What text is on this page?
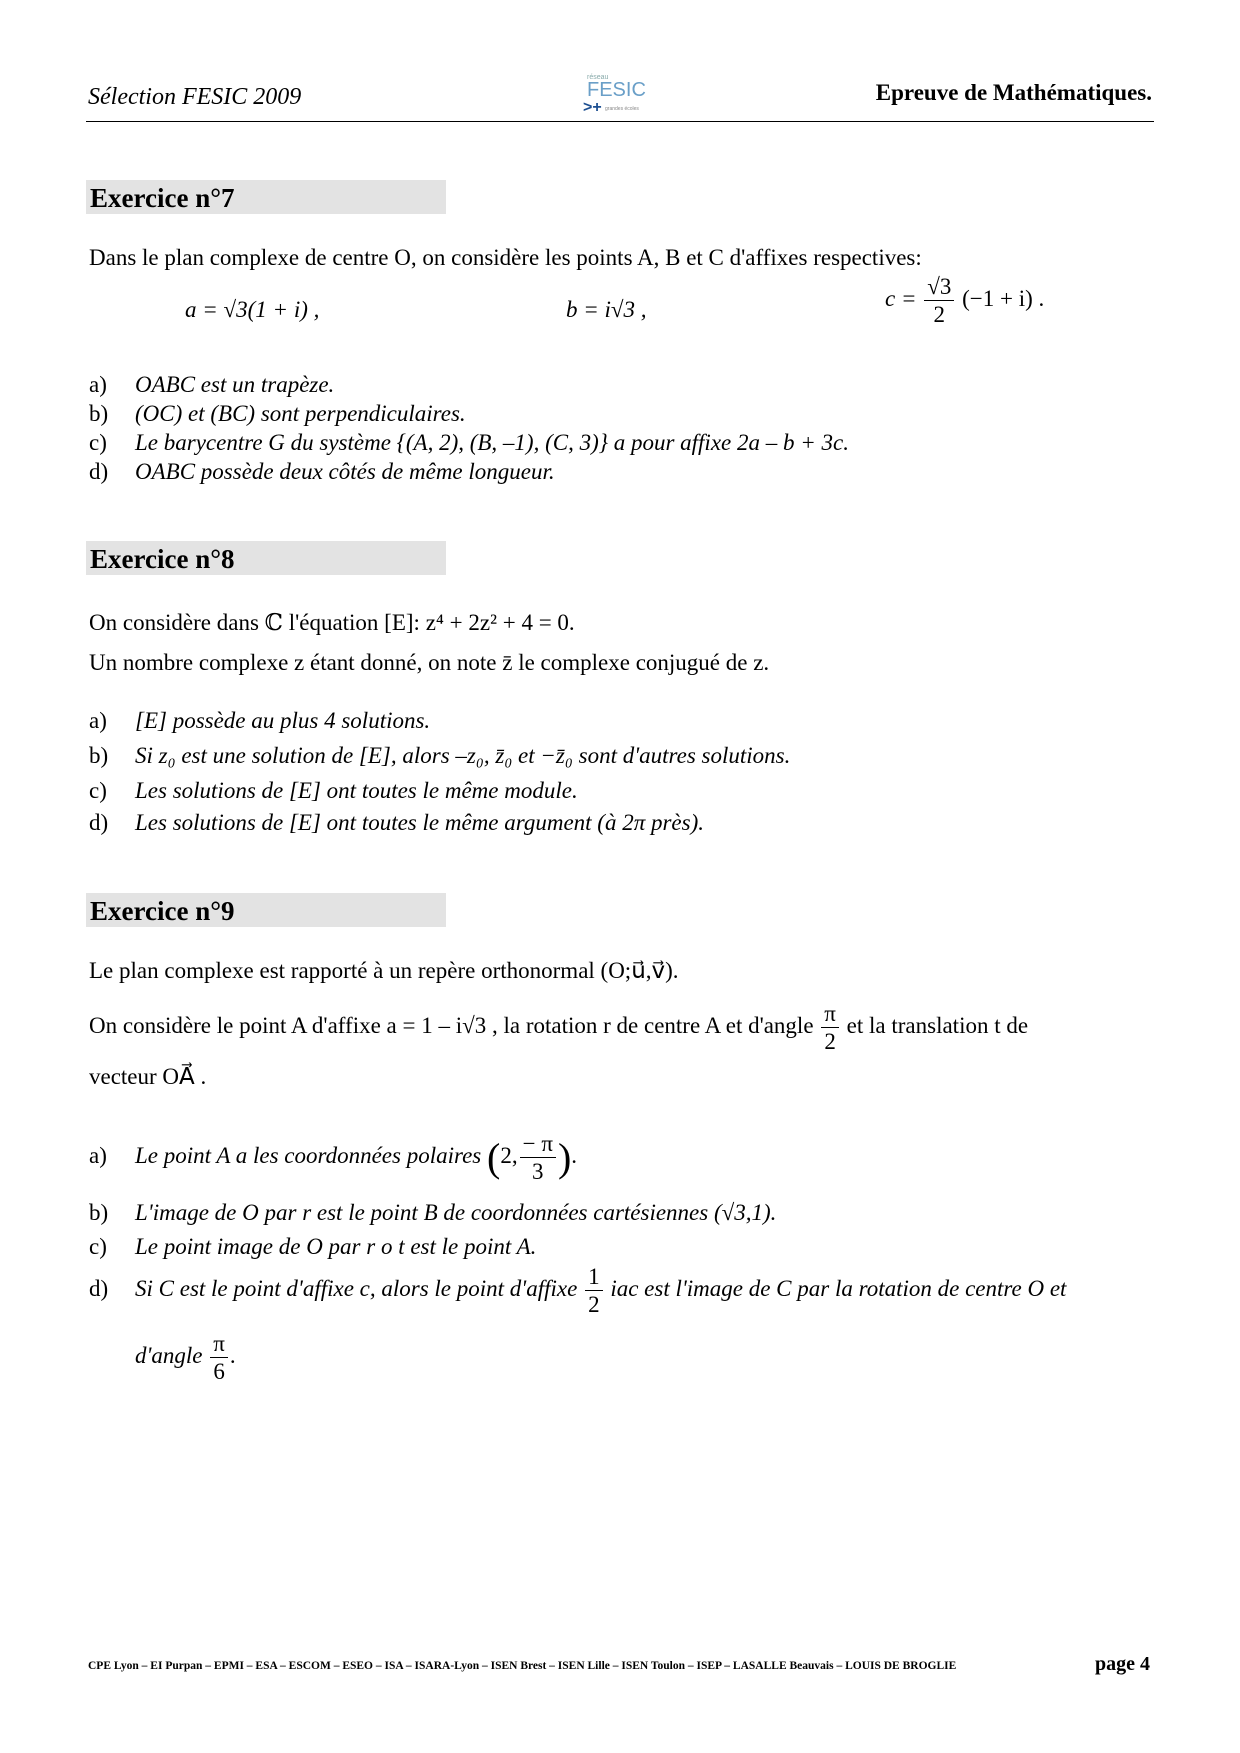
Sélection FESIC 2009
réseau
FESIC
>+ grandes écoles
Epreuve de Mathématiques.
Exercice n°7
Dans le plan complexe de centre O, on considère les points A, B et C d'affixes respectives:
a = √3(1 + i) ,	b = i√3 ,	$c = \frac{√3}{2} (-1 + i)$ .
a) OABC est un trapèze.
b) (OC) et (BC) sont perpendiculaires.
c) Le barycentre G du système {(A, 2), (B, –1), (C, 3)} a pour affixe 2a – b + 3c.
d) OABC possède deux côtés de même longueur.
Exercice n°8
On considère dans ℂ l'équation [E]: z⁴ + 2z² + 4 = 0.
Un nombre complexe z étant donné, on note z̄ le complexe conjugué de z.
a) [E] possède au plus 4 solutions.
b) Si z₀ est une solution de [E], alors –z₀, z̄₀ et −z̄₀ sont d'autres solutions.
c) Les solutions de [E] ont toutes le même module.
d) Les solutions de [E] ont toutes le même argument (à 2π près).
Exercice n°9
Le plan complexe est rapporté à un repère orthonormal (O;u⃗,v⃗).
On considère le point A d'affixe a = 1 – i√3 , la rotation r de centre A et d'angle $\frac{\pi}{2}$ et la translation t de
vecteur OA⃗ .
a) Le point A a les coordonnées polaires (2, $\frac{- \pi}{3}$ ).
b) L'image de O par r est le point B de coordonnées cartésiennes (√3,1).
c) Le point image de O par r o t est le point A.
d) Si C est le point d'affixe c, alors le point d'affixe $\frac{1}{2}$ iac est l'image de C par la rotation de centre O et
d'angle $\frac{\pi}{6}$ .
CPE Lyon – EI Purpan – EPMI – ESA – ESCOM – ESEO – ISA – ISARA-Lyon – ISEN Brest – ISEN Lille – ISEN Toulon – ISEP – LASALLE Beauvais – LOUIS DE BROGLIE	page 4
